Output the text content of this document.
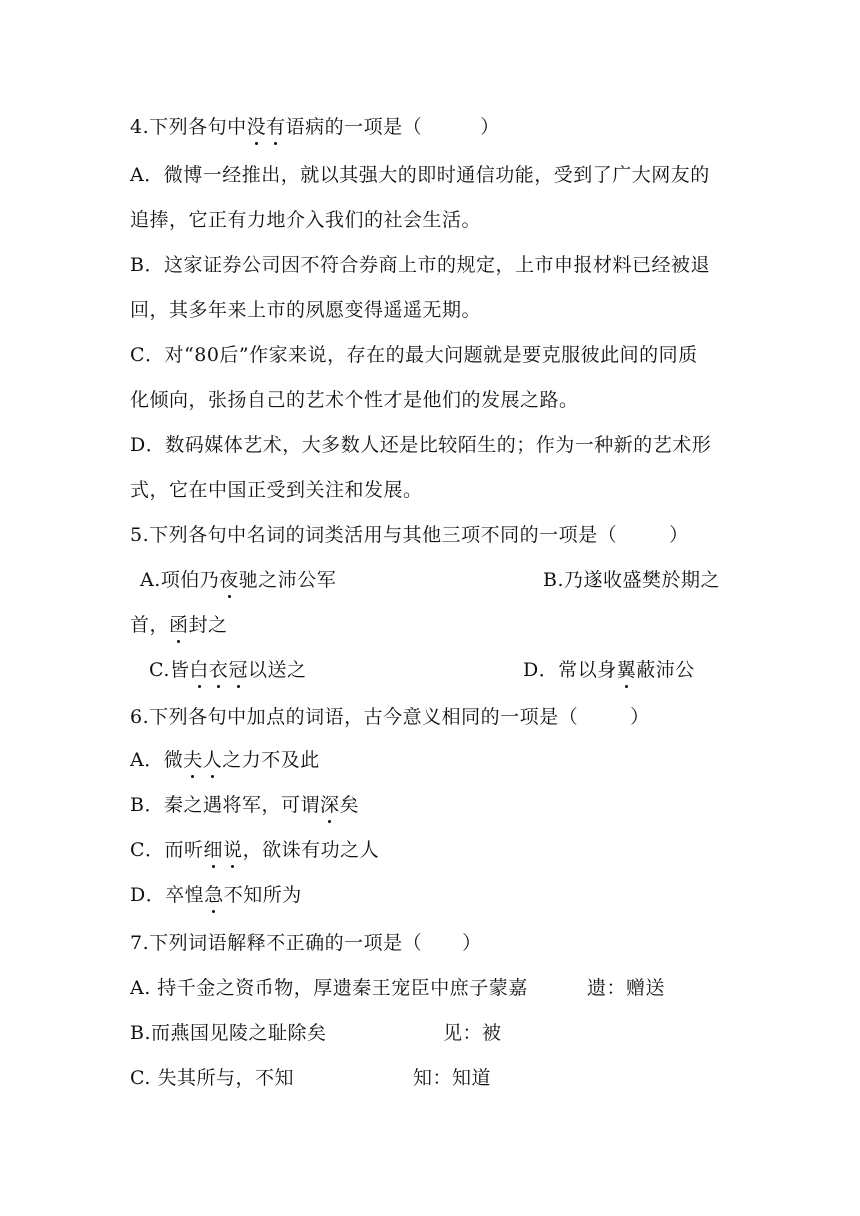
4.下列各句中没有语病的一项是（	）
A．微博一经推出，就以其强大的即时通信功能，受到了广大网友的
追捧，它正有力地介入我们的社会生活。
B．这家证券公司因不符合券商上市的规定，上市申报材料已经被退
回，其多年来上市的夙愿变得遥遥无期。
C．对“80后”作家来说，存在的最大问题就是要克服彼此间的同质
化倾向，张扬自己的艺术个性才是他们的发展之路。
D．数码媒体艺术，大多数人还是比较陌生的；作为一种新的艺术形
式，它在中国正受到关注和发展。
5.下列各句中名词的词类活用与其他三项不同的一项是（	）
A.项伯乃夜驰之沛公军	B.乃遂收盛樊於期之
首，函封之
C.皆白衣冠以送之	D．常以身翼蔽沛公
6.下列各句中加点的词语，古今意义相同的一项是（	）
A．微夫人之力不及此
B．秦之遇将军，可谓深矣
C．而听细说，欲诛有功之人
D．卒惶急不知所为
7.下列词语解释不正确的一项是（ ）
A. 持千金之资币物，厚遗秦王宠臣中庶子蒙嘉	遗：赠送
B.而燕国见陵之耻除矣	见：被
C. 失其所与，不知	知：知道
